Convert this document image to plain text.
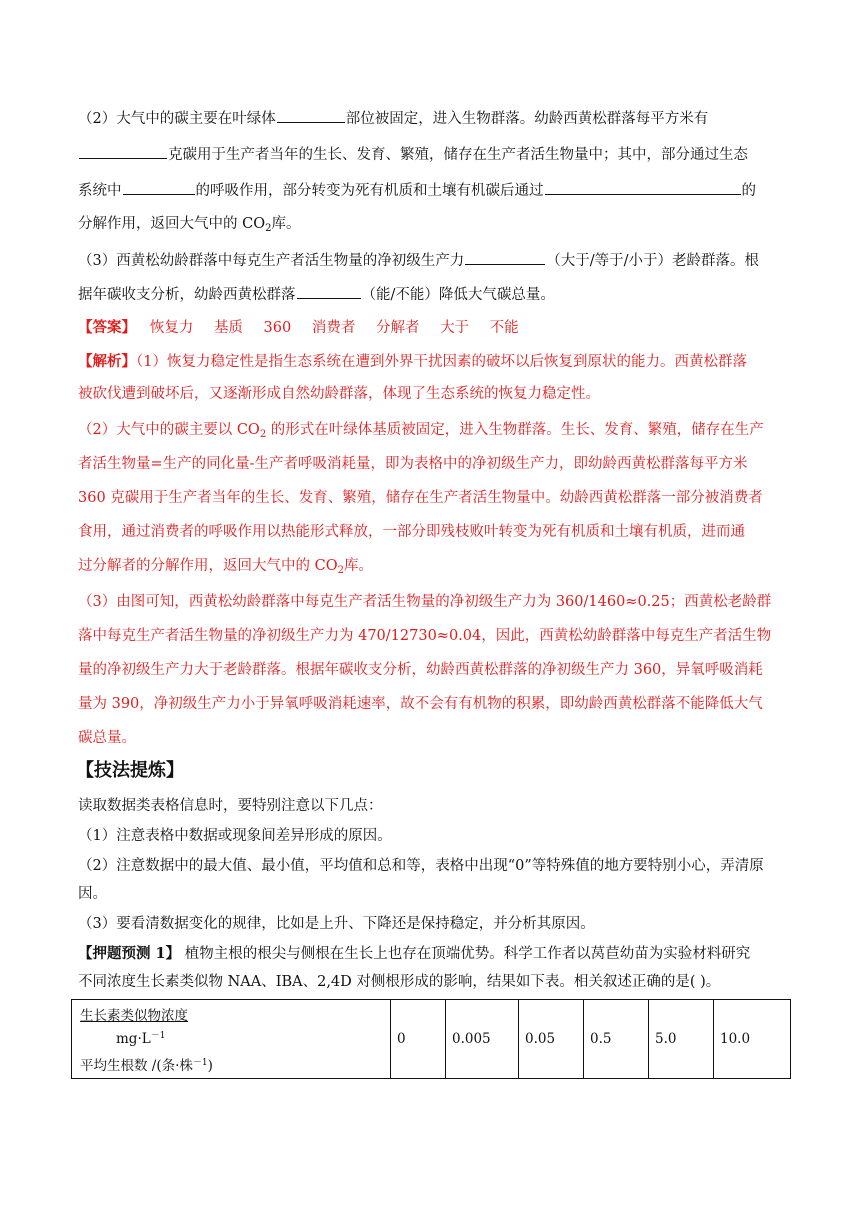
（2）大气中的碳主要在叶绿体	部位被固定，进入生物群落。幼龄西黄松群落每平方米有
克碳用于生产者当年的生长、发育、繁殖，储存在生产者活生物量中；其中，部分通过生态
系统中	的呼吸作用，部分转变为死有机质和土壤有机碳后通过	的
分解作用，返回大气中的 $CO_2$库。
（3）西黄松幼龄群落中每克生产者活生物量的净初级生产力	（大于/等于/小于）老龄群落。根
据年碳收支分析，幼龄西黄松群落	（能/不能）降低大气碳总量。
【答案】 恢复力 基质 360 消费者 分解者 大于 不能
【解析】（1）恢复力稳定性是指生态系统在遭到外界干扰因素的破坏以后恢复到原状的能力。西黄松群落
被砍伐遭到破坏后，又逐渐形成自然幼龄群落，体现了生态系统的恢复力稳定性。
（2）大气中的碳主要以 $CO_2$ 的形式在叶绿体基质被固定，进入生物群落。生长、发育、繁殖，储存在生产
者活生物量=生产的同化量-生产者呼吸消耗量，即为表格中的净初级生产力，即幼龄西黄松群落每平方米
360 克碳用于生产者当年的生长、发育、繁殖，储存在生产者活生物量中。幼龄西黄松群落一部分被消费者
食用，通过消费者的呼吸作用以热能形式释放，一部分即残枝败叶转变为死有机质和土壤有机质，进而通
过分解者的分解作用，返回大气中的 $CO_2$库。
（3）由图可知，西黄松幼龄群落中每克生产者活生物量的净初级生产力为 360/1460≈0.25；西黄松老龄群
落中每克生产者活生物量的净初级生产力为 470/12730≈0.04，因此，西黄松幼龄群落中每克生产者活生物
量的净初级生产力大于老龄群落。根据年碳收支分析，幼龄西黄松群落的净初级生产力 360，异氧呼吸消耗
量为 390，净初级生产力小于异氧呼吸消耗速率，故不会有有机物的积累，即幼龄西黄松群落不能降低大气
碳总量。
【技法提炼】
读取数据类表格信息时，要特别注意以下几点：
（1）注意表格中数据或现象间差异形成的原因。
（2）注意数据中的最大值、最小值，平均值和总和等，表格中出现“0”等特殊值的地方要特别小心，弄清原
因。
（3）要看清数据变化的规律，比如是上升、下降还是保持稳定，并分析其原因。
【押题预测 1】 植物主根的根尖与侧根在生长上也存在顶端优势。科学工作者以莴苣幼苗为实验材料研究
不同浓度生长素类似物 NAA、IBA、2,4D 对侧根形成的影响，结果如下表。相关叙述正确的是( )。
生长素类似物浓度
$mg\cdot L^{-1}$
平均生根数 /(条·株$^{-1}$)
	0	0.005	0.05	0.5	5.0	10.0
